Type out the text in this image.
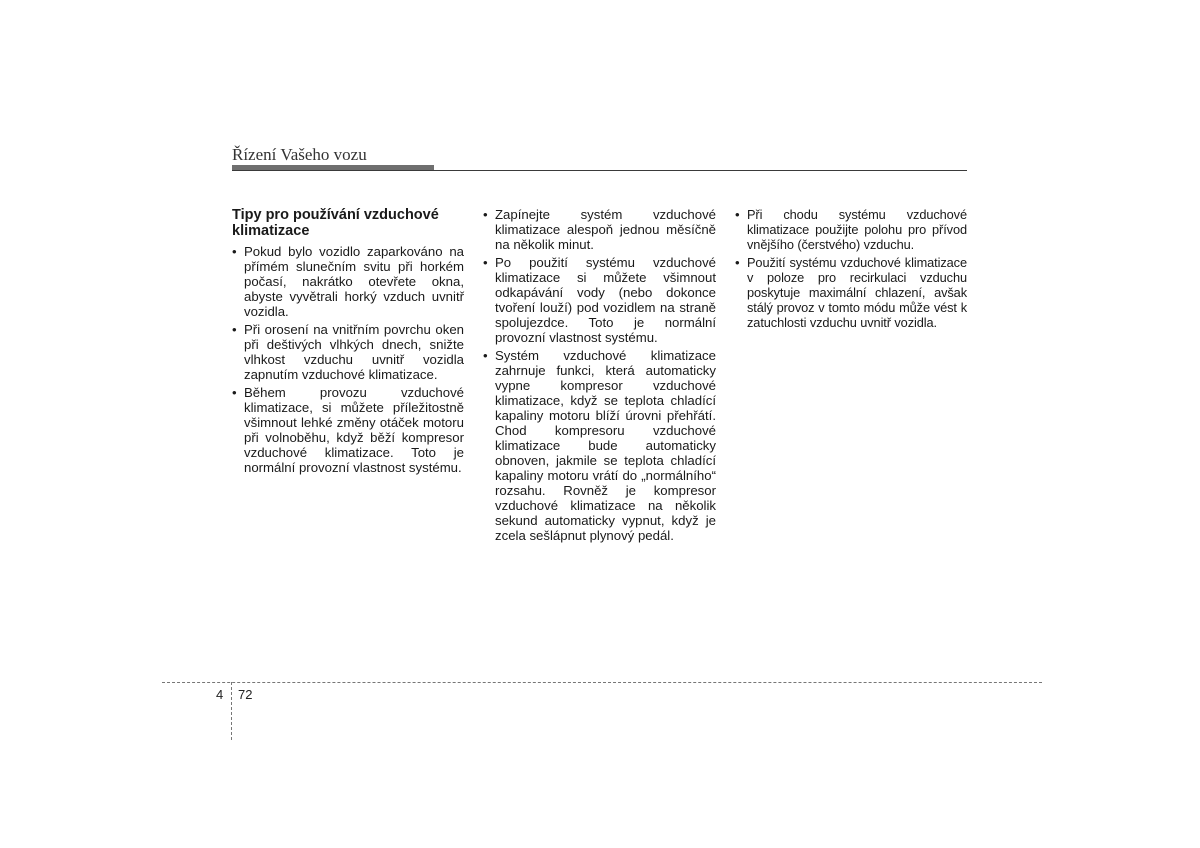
Řízení Vašeho vozu
Tipy pro používání vzduchové klimatizace
• Pokud bylo vozidlo zaparkováno na přímém slunečním svitu při horkém počasí, nakrátko otevřete okna, abyste vyvětrali horký vzduch uvnitř vozidla.
• Při orosení na vnitřním povrchu oken při deštivých vlhkých dnech, snižte vlhkost vzduchu uvnitř vozidla zapnutím vzduchové klimatizace.
• Během provozu vzduchové klimatizace, si můžete příležitostně všimnout lehké změny otáček motoru při volnoběhu, když běží kompresor vzduchové klimatizace. Toto je normální provozní vlastnost systému.
• Zapínejte systém vzduchové klimatizace alespoň jednou měsíčně na několik minut.
• Po použití systému vzduchové klimatizace si můžete všimnout odkapávání vody (nebo dokonce tvoření louží) pod vozidlem na straně spolujezdce. Toto je normální provozní vlastnost systému.
• Systém vzduchové klimatizace zahrnuje funkci, která automaticky vypne kompresor vzduchové klimatizace, když se teplota chladící kapaliny motoru blíží úrovni přehřátí. Chod kompresoru vzduchové klimatizace bude automaticky obnoven, jakmile se teplota chladící kapaliny motoru vrátí do „normálního“ rozsahu. Rovněž je kompresor vzduchové klimatizace na několik sekund automaticky vypnut, když je zcela sešlápnut plynový pedál.
• Při chodu systému vzduchové klimatizace použijte polohu pro přívod vnějšího (čerstvého) vzduchu.
• Použití systému vzduchové klimatizace v poloze pro recirkulaci vzduchu poskytuje maximální chlazení, avšak stálý provoz v tomto módu může vést k zatuchlosti vzduchu uvnitř vozidla.
4 72
